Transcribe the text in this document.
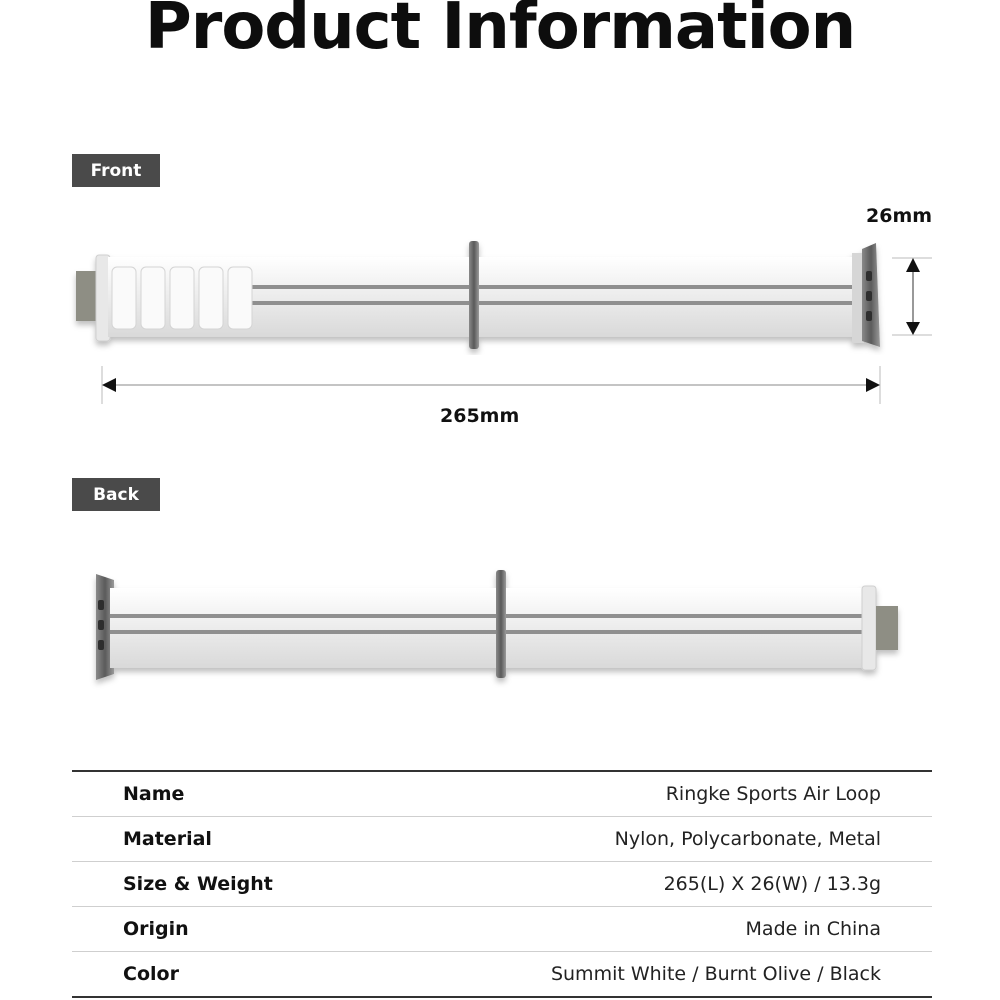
Product Information
Front
26mm
265mm
Back
Name	Ringke Sports Air Loop
Material	Nylon, Polycarbonate, Metal
Size & Weight	265(L) X 26(W) / 13.3g
Origin	Made in China
Color	Summit White / Burnt Olive / Black
